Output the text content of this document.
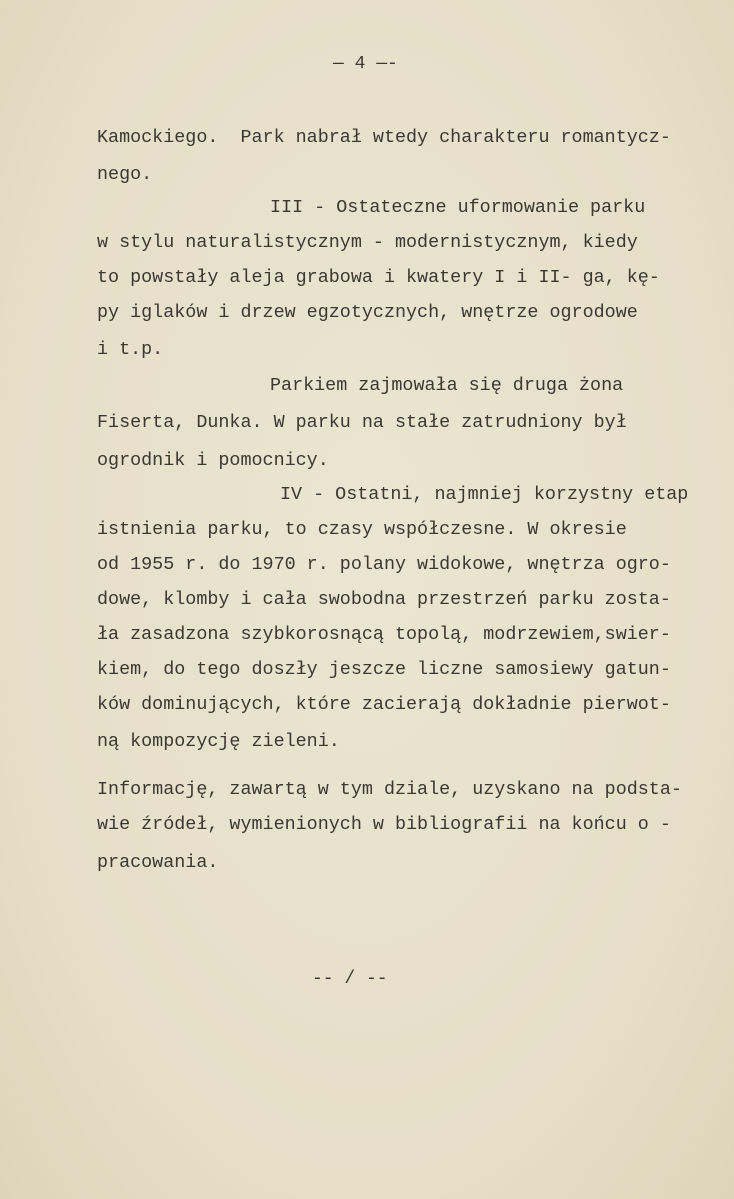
— 4 —-
Kamockiego.  Park nabrał wtedy charakteru romantycz-
nego.
III - Ostateczne uformowanie parku
w stylu naturalistycznym - modernistycznym, kiedy
to powstały aleja grabowa i kwatery I i II- ga, kę-
py iglaków i drzew egzotycznych, wnętrze ogrodowe
i t.p.
Parkiem zajmowała się druga żona
Fiserta, Dunka. W parku na stałe zatrudniony był
ogrodnik i pomocnicy.
IV - Ostatni, najmniej korzystny etap
istnienia parku, to czasy współczesne. W okresie
od 1955 r. do 1970 r. polany widokowe, wnętrza ogro-
dowe, klomby i cała swobodna przestrzeń parku zosta-
ła zasadzona szybkorosnącą topolą, modrzewiem,swier-
kiem, do tego doszły jeszcze liczne samosiewy gatun-
ków dominujących, które zacierają dokładnie pierwot-
ną kompozycję zieleni.
Informację, zawartą w tym dziale, uzyskano na podsta-
wie źródeł, wymienionych w bibliografii na końcu o -
pracowania.
-- / --
